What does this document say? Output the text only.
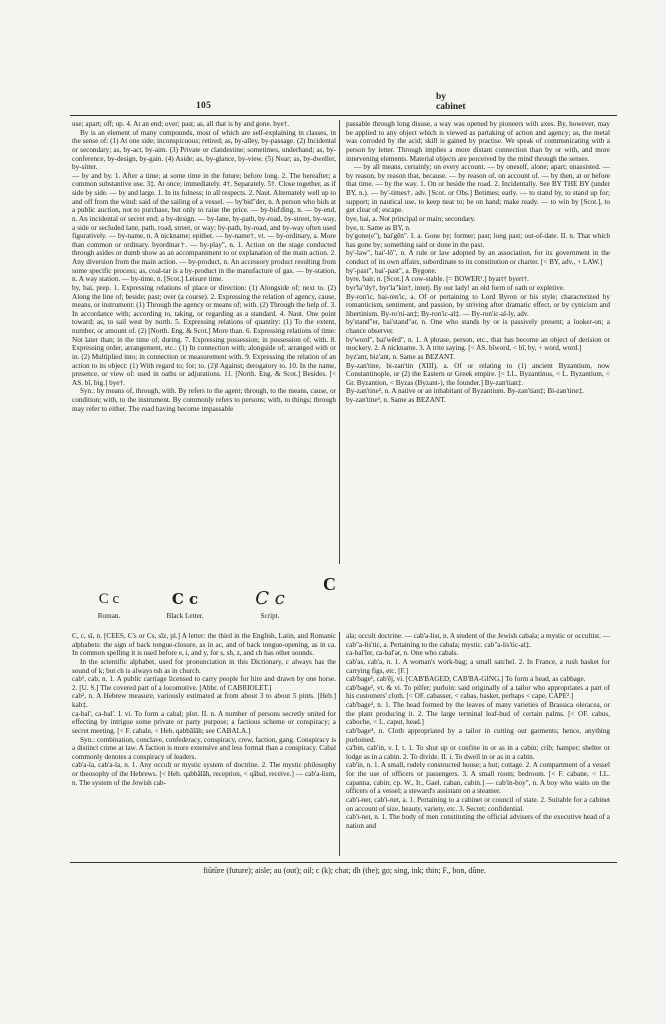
105
by
cabinet

use; apart; off; up. 4. At an end; over; past; as, all that is by and gone. bye†.

By is an element of many compounds, most of which are self-explaining in classes, in the sense of: (1) At one side; inconspicuous; retired; as, by-alley, by-passage. (2) Incidental or secondary; as, by-act, by-aim. (3) Private or clandestine; sometimes, underhand; as, by-conference, by-design, by-gain. (4) Aside; as, by-glance, by-view. (5) Near; as, by-dweller, by-sitter.

— by and by. 1. After a time; at some time in the future; before long. 2. The hereafter; a common substantive use. 3‡. At once; immediately. 4†. Separately. 5†. Close together, as if side by side. — by and large. 1. In its fulness; in all respects. 2. Naut. Alternately well up to and off from the wind: said of the sailing of a vessel. — by'bid"der, n. A person who bids at a public auction, not to purchase, but only to raise the price. — by-bid'ding, n. — by-end, n. An incidental or secret end; a by-design. — by-lane, by-path, by-road, by-street, by-way, a side or secluded lane, path, road, street, or way; by-path, by-road, and by-way often used figuratively. — by-name, n. A nickname; epithet. — by-name†, vt. — by-ordinary, a. More than common or ordinary. byordinar†. — by-play", n. 1. Action on the stage conducted through asides or dumb show as an accompaniment to or explanation of the main action. 2. Any diversion from the main action. — by-product, n. An accessory product resulting from some specific process; as, coal-tar is a by-product in the manufacture of gas. — by-station, n. A way station. — by-time, n. [Scot.] Leisure time.

by, bai, prep. 1. Expressing relations of place or direction: (1) Alongside of; next to. (2) Along the line of; beside; past; over (a course). 2. Expressing the relation of agency, cause, means, or instrument: (1) Through the agency or means of; with. (2) Through the help of. 3. In accordance with; according to, taking, or regarding as a standard. 4. Naut. One point toward; as, to sail west by north. 5. Expressing relations of quantity: (1) To the extent, number, or amount of. (2) [North. Eng. & Scot.] More than. 6. Expressing relations of time: Not later than; in the time of; during. 7. Expressing possession; in possession of; with. 8. Expressing order, arrangement, etc.: (1) In connection with; alongside of; arranged with or in. (2) Multiplied into; in connection or measurement with. 9. Expressing the relation of an action to its object: (1) With regard to; for; to. (2)‖ Against; derogatory to. 10. In the name, presence, or view of: used in oaths or adjurations. 11. [North. Eng. & Scot.] Besides. [< AS. bī, big.] bye†.

Syn.: by means of, through, with. By refers to the agent; through, to the means, cause, or condition; with, to the instrument. By commonly refers to persons; with, to things; through may refer to either. The road having become impassable

passable through long disuse, a way was opened by pioneers with axes. By, however, may be applied to any object which is viewed as partaking of action and agency; as, the metal was corroded by the acid; skill is gained by practise. We speak of communicating with a person by letter. Through implies a more distant connection than by or with, and more intervening elements. Material objects are perceived by the mind through the senses.

— by all means, certainly; on every account. — by oneself, alone; apart; unassisted. — by reason, by reason that, because. — by reason of, on account of. — by then, at or before that time. — by the way. 1. On or beside the road. 2. Incidentally. See BY THE BY (under BY, n.). — by'-times†, adv. [Scot. or Obs.] Betimes; early. — to stand by, to stand up for; support; in nautical use, to keep near to; be on hand; make ready. — to win by [Scot.], to get clear of; escape.

bye, bai, a. Not principal or main; secondary.

bye, n. Same as BY, n.

by'gone(e"), bai'gēn". I. a. Gone by; former; past; long past; out-of-date. II. n. That which has gone by; something said or done in the past.

by'-law", bai'-lō", n. A rule or law adopted by an association, for its government in the conduct of its own affairs, subordinate to its constitution or charter. [< BY, adv., + LAW.]

by'-past", bai'-past", a. Bygone.

byre, bair, n. [Scot.] A cow-stable. [= BOWER¹.] byart† byert†.

byr'la"dy†, byr'la"kin†, interj. By our lady! an old form of oath or expletive.

By-ron'ic, bai-ren'ic, a. Of or pertaining to Lord Byron or his style; characterized by romanticism, sentiment, and passion, by striving after dramatic effect, or by cynicism and libertinism. By-ro'ni-an‡; By-ron'ic-al‡. — By-ron'ic-al-ly, adv.

by'stand"er, bai'stand"ər, n. One who stands by or is passively present; a looker-on; a chance observer.

by'word", bai'wērd", n. 1. A phrase, person, etc., that has become an object of derision or mockery. 2. A nickname. 3. A trite saying. [< AS. bīword, < bī, by, + word, word.]

byz'ant, biz'ant, n. Same as BEZANT.

By-zan'tine, bi-zan'tin (XIII), a. Of or relating to (1) ancient Byzantium, now Constantinople, or (2) the Eastern or Greek empire. [< LL. Byzantinus, < L. Byzantium, < Gr. Byzantion, < Byzas (Byzant-), the founder.] By-zan'tian‡.

By-zan'tine², n. A native or an inhabitant of Byzantium. By-zan'tian‡; Bi-zan'tine‡.

by-zan'tine³, n. Same as BEZANT.

C
C c
Roman.
C c
Black Letter.
C c
Script.

C, c, sī, n. [CEES, C's or Cs, sīz, pl.] A letter: the third in the English, Latin, and Romanic alphabets: the sign of back tongue-closure, as in ac, and of back tongue-opening, as in ca. In common spelling it is used before e, i, and y, for s, sh, z, and ch has other sounds.

In the scientific alphabet, used for pronunciation in this Dictionary, c always has the sound of k; but ch is always tsh as in church.

cab¹, cab, n. 1. A public carriage licensed to carry people for hire and drawn by one horse. 2. [U. S.] The covered part of a locomotive. [Abbr. of CABRIOLET.]

cab², n. A Hebrew measure, variously estimated at from about 3 to about 5 pints. [Heb.] kab‡.

ca-bal', ca-bal'. I. vi. To form a cabal; plot. II. n. A number of persons secretly united for effecting by intrigue some private or party purpose; a factious scheme or conspiracy; a secret meeting. [< F. cabale, < Heb. qabbālāh; see CABALA.]

Syn.: combination, conclave, confederacy, conspiracy, crew, faction, gang. Conspiracy is a distinct crime at law. A faction is more extensive and less formal than a conspiracy. Cabal commonly denotes a conspiracy of leaders.

cab'a-la, cab'a-la, n. 1. Any occult or mystic system of doctrine. 2. The mystic philosophy or theosophy of the Hebrews. [< Heb. qabbālāh, reception, < qābal, receive.] — cab'a-lism, n. The system of the Jewish cab-

ala; occult doctrine. — cab'a-list, n. A student of the Jewish cabala; a mystic or occultist. — cab"a-lis'tic, a. Pertaining to the cabala; mystic. cab"a-lis'tic-al‡.

ca-bal'ler, ca-bal'ər, n. One who cabals.

cab'as, cab'a, n. 1. A woman's work-bag; a small satchel. 2. In France, a rush basket for carrying figs, etc. [F.]

cab'bage¹, cab'ēj, vi. [CAB'BAGED; CAB'BA-GING.] To form a head, as cabbage.

cab'bage², vt. & vi. To pilfer; purloin: said originally of a tailor who appropriates a part of his customers' cloth. [< OF. cabasser, < cabas, basket, perhaps < cape, CAPE².]

cab'bage³, n. 1. The head formed by the leaves of many varieties of Brassica oleracea, or the plant producing it. 2. The large terminal leaf-bud of certain palms. [< OF. cabus, caboche, < L. caput, head.]

cab'bage⁴, n. Cloth appropriated by a tailor in cutting out garments; hence, anything purloined.

ca'bin, cab'in, v. I. t. 1. To shut up or confine in or as in a cabin; crib; hamper; shelter or lodge as in a cabin. 2. To divide. II. i. To dwell in or as in a cabin.

cab'in, n. 1. A small, rudely constructed house; a hut; cottage. 2. A compartment of a vessel for the use of officers or passengers. 3. A small room; bedroom. [< F. cabane, < LL. capanna, cabin; cp. W., Ir., Gael. caban, cabin.] — cab'in-boy", n. A boy who waits on the officers of a vessel; a steward's assistant on a steamer.

cab'i-net, cab'i-net, a. 1. Pertaining to a cabinet or council of state. 2. Suitable for a cabinet on account of size, beauty, variety, etc. 3. Secret; confidential.

cab'i-net, n. 1. The body of men constituting the official advisers of the executive head of a nation and

fiūtūre (future); aisle; au (out); oil; c (k); chat; dh (the); go; sing, ink; thin; F., bon, dūne.
